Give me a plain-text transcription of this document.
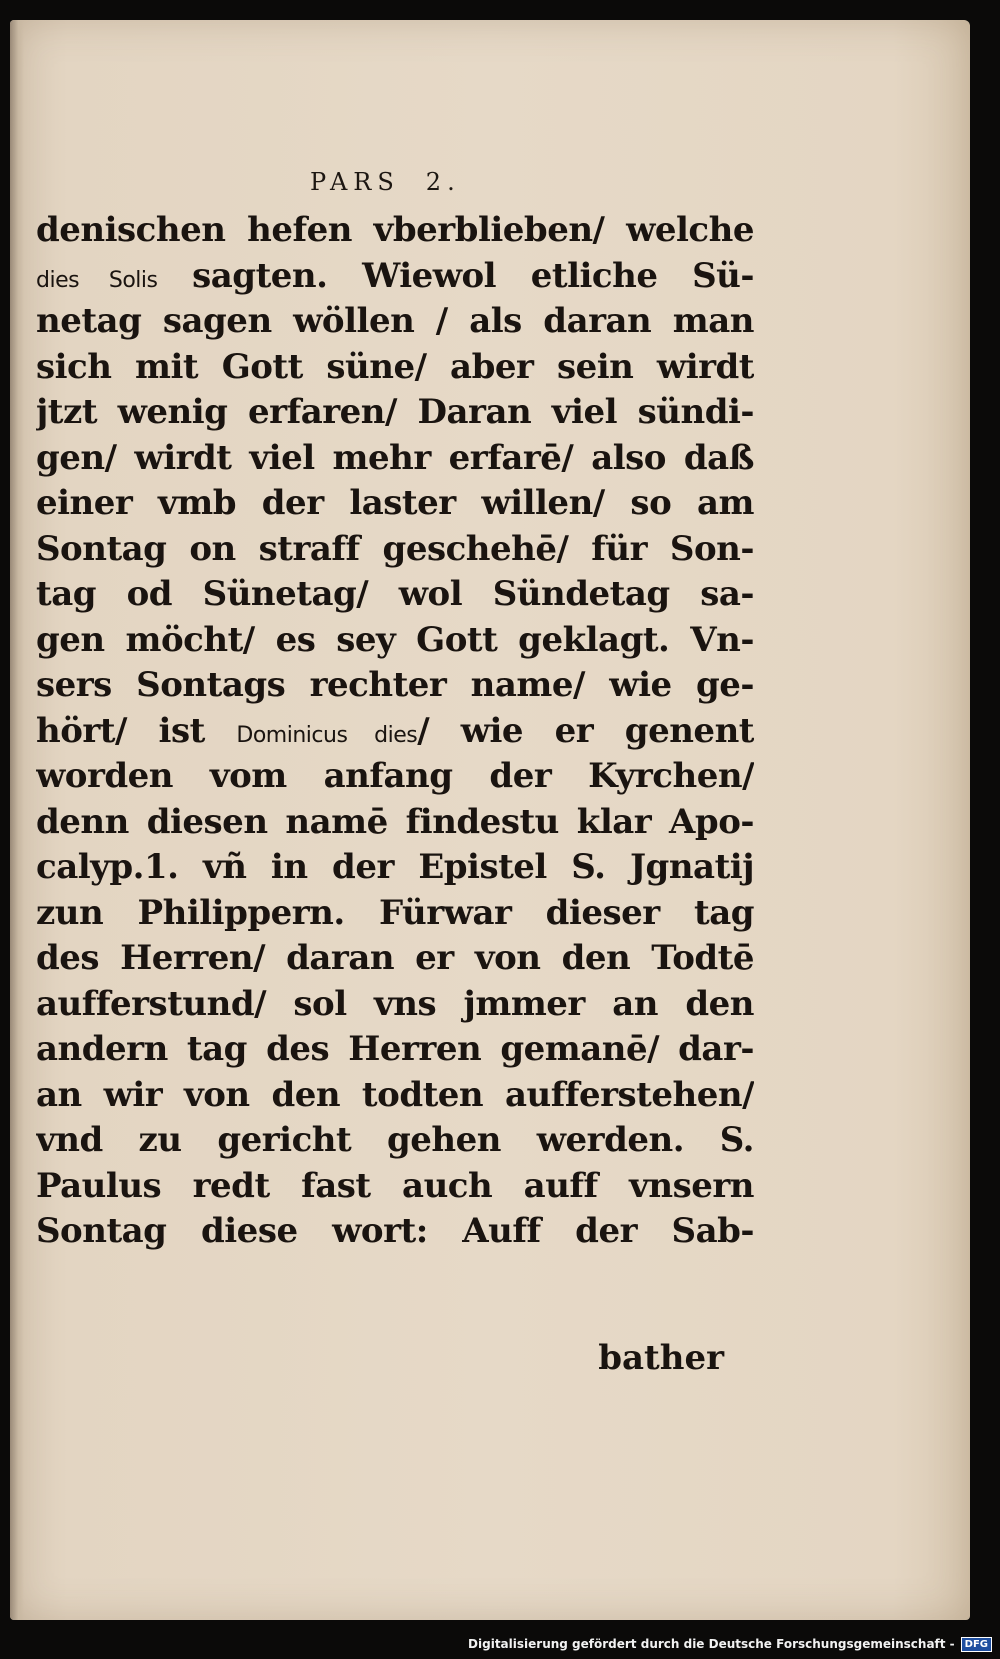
PARS 2.
denischen hefen vberblieben/ welche
dies Solis sagten. Wiewol etliche Sü-
netag sagen wöllen / als daran man
sich mit Gott süne/ aber sein wirdt
jtzt wenig erfaren/ Daran viel sündi-
gen/ wirdt viel mehr erfarē/ also daß
einer vmb der laster willen/ so am
Sontag on straff geschehē/ für Son-
tag od Sünetag/ wol Sündetag sa-
gen möcht/ es sey Gott geklagt. Vn-
sers Sontags rechter name/ wie ge-
hört/ ist Dominicus dies/ wie er genent
worden vom anfang der Kyrchen/
denn diesen namē findestu klar Apo-
calyp.1. vñ in der Epistel S. Jgnatij
zun Philippern. Fürwar dieser tag
des Herren/ daran er von den Todtē
aufferstund/ sol vns jmmer an den
andern tag des Herren gemanē/ dar-
an wir von den todten aufferstehen/
vnd zu gericht gehen werden. S.
Paulus redt fast auch auff vnsern
Sontag diese wort: Auff der Sab-
bather
Digitalisierung gefördert durch die Deutsche Forschungsgemeinschaft -	DFG
